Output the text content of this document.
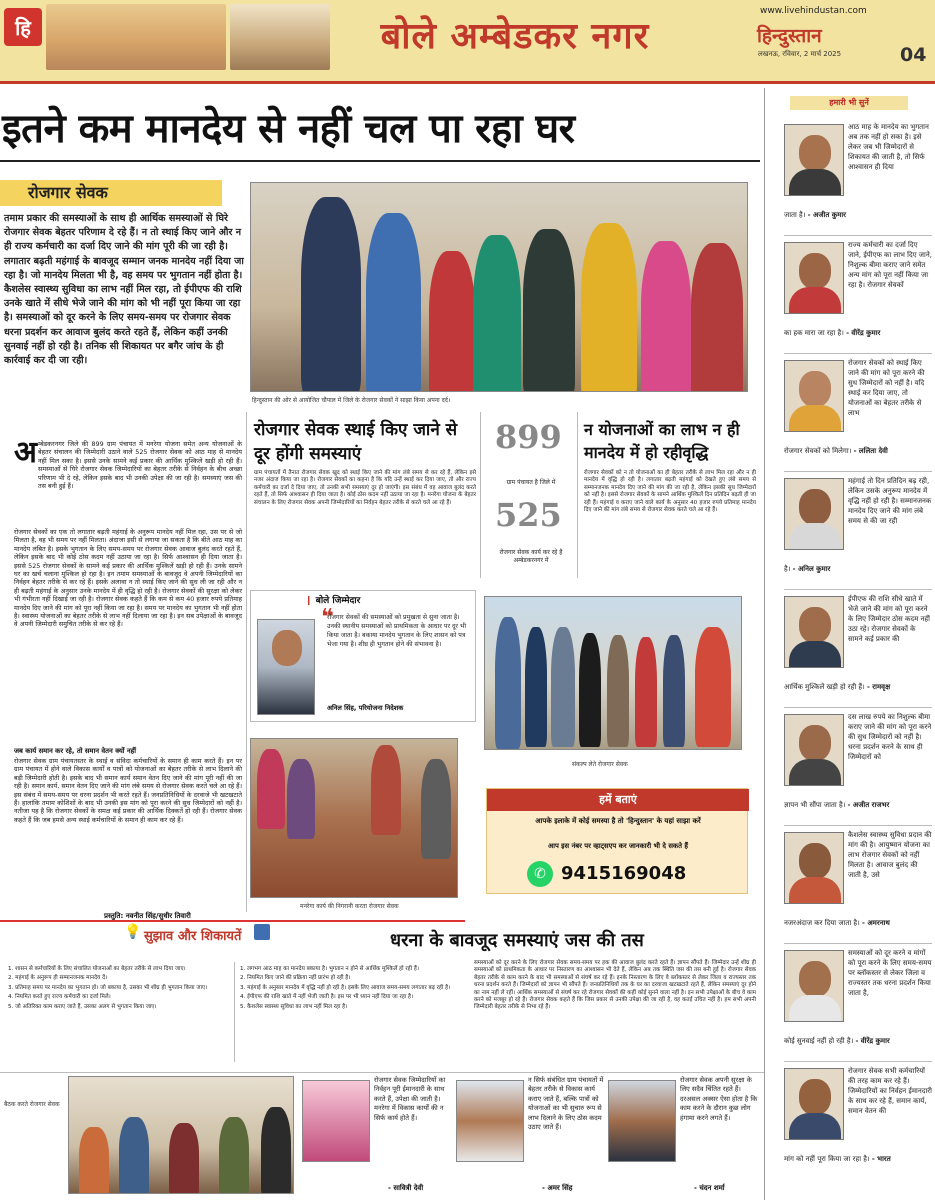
हि	बोले अम्बेडकर नगर
www.livehindustan.com
हिन्दुस्तान
लखनऊ, रविवार, 2 मार्च 2025	04
इतने कम मानदेय से नहीं चल पा रहा घर
रोजगार सेवक
तमाम प्रकार की समस्याओं के साथ ही आर्थिक समस्याओं से घिरे रोजगार सेवक बेहतर परिणाम दे रहे हैं। न तो स्थाई किए जाने और न ही राज्य कर्मचारी का दर्जा दिए जाने की मांग पूरी की जा रही है। लगातार बढ़ती महंगाई के बावजूद सम्मान जनक मानदेय नहीं दिया जा रहा है। जो मानदेय मिलता भी है, वह समय पर भुगतान नहीं होता है। कैशलेस स्वास्थ्य सुविधा का लाभ नहीं मिल रहा, तो ईपीएफ की राशि उनके खाते में सीधे भेजे जाने की मांग को भी नहीं पूरा किया जा रहा है। समस्याओं को दूर करने के लिए समय-समय पर रोजगार सेवक धरना प्रदर्शन कर आवाज बुलंद करते रहते हैं, लेकिन कहीं उनकी सुनवाई नहीं हो रही है। तनिक सी शिकायत पर बगैर जांच के ही कार्रवाई कर दी जा रही।
हिन्दुस्तान की ओर से आयोजित चौपाल में जिले के रोजगार सेवकों ने साझा किया अपना दर्द।
अ म्बेडकरनगर जिले की 899 ग्राम पंचायत में मनरेगा योजना समेत अन्य योजनाओं के बेहतर संचालन की जिम्मेदारी उठाने वाले 525 रोजगार सेवक को आठ माह से मानदेय नहीं मिल सका है। इससे उनके सामने कई प्रकार की आर्थिक मुश्किलें खड़ी हो रही हैं। समस्याओं से घिरे रोजगार सेवक जिम्मेदारियों का बेहतर तरीके से निर्वहन के बीच अच्छा परिणाम भी दे रहे, लेकिन इसके बाद भी उनकी उपेक्षा की जा रही है। समस्याएं जस की तस बनी हुई हैं।
रोजगार सेवकों का एक तो लगातार बढ़ती महंगाई के अनुरूप मानदेय नहीं मिल रहा, उस पर से जो मिलता है, वह भी समय पर नहीं मिलता। अंदाजा इसी से लगाया जा सकता है कि बीते आठ माह का मानदेय लंबित है। इसके भुगतान के लिए समय-समय पर रोजगार सेवक आवाज बुलंद करते रहते हैं, लेकिन इसके बाद भी कोई ठोस कदम नहीं उठाया जा रहा है। सिर्फ आश्वासन ही दिया जाता है। इससे 525 रोजगार सेवकों के सामने कई प्रकार की आर्थिक मुश्किलें खड़ी हो रही हैं। उनके सामने घर का खर्च चलाना मुश्किल हो रहा है। इन तमाम समस्याओं के बावजूद वे अपनी जिम्मेदारियों का निर्वहन बेहतर तरीके से कर रहे हैं। इसके अलावा न तो स्थाई किए जाने की सुध ली जा रही और न ही बढ़ती महंगाई के अनुसार उनके मानदेय में ही वृद्धि हो रही है। रोजगार सेवकों की सुरक्षा को लेकर भी गंभीरता नहीं दिखाई जा रही है। रोजगार सेवक कहते हैं कि कम से कम 40 हजार रुपये प्रतिमाह मानदेय दिए जाने की मांग को पूरा नहीं किया जा रहा है। समय पर मानदेय का भुगतान भी नहीं होता है। स्वास्थ्य योजनाओं का बेहतर तरीके से लाभ नहीं दिलाया जा रहा है। इन सब उपेक्षाओं के बावजूद वे अपनी जिम्मेदारी समुचित तरीके से कर रहे हैं।
जब कार्य समान कर रहे, तो समान वेतन क्यों नहीं
रोजगार सेवक ग्राम पंचायतस्तर के स्थाई व संविदा कर्मचारियों के समान ही काम करते हैं। इन पर ग्राम पंचायत में होने वाले विकास कार्यों व पात्रों को योजनाओं का बेहतर तरीके से लाभ दिलाने की बड़ी जिम्मेदारी होती है। इसके बाद भी समान कार्य समान वेतन दिए जाने की मांग पूरी नहीं की जा रही है। समान कार्य, समान वेतन दिए जाने की मांग लंबे समय से रोजगार सेवक करते चले आ रहे हैं। इस संबंध में समय-समय पर धरना प्रदर्शन भी करते रहते हैं। जनप्रतिनिधियों के दरवाजे भी खटखटाते हैं। हालांकि तमाम कोशिशों के बाद भी उनकी इस मांग को पूरा करने की सुध जिम्मेदारों को नहीं है। नतीजा यह है कि रोजगार सेवकों के समक्ष कई प्रकार की आर्थिक दिक्कतें हो रही हैं। रोजगार सेवक कहते हैं कि जब हमसे अन्य स्थाई कर्मचारियों के समान ही काम कर रहे हैं।
प्रस्तुति: नवनीत सिंह/सुधीर तिवारी
रोजगार सेवक स्थाई किए जाने से दूर होंगी समस्याएं
ग्राम पंचायतों में तैनात रोजगार सेवक खुद को स्थाई किए जाने की मांग लंबे समय से कर रहे हैं, लेकिन इसे नजर अंदाज किया जा रहा है। रोजगार सेवकों का कहना है कि यदि उन्हें स्थाई कर दिया जाए, तो और राज्य कर्मचारी का दर्जा दे दिया जाए, तो उनकी सभी समस्याएं दूर हो जाएंगी। इस संबंध में वह आवाज बुलंद करते रहते हैं, तो सिर्फ आश्वासन ही दिया जाता है। कोई ठोस कदम नहीं उठाया जा रहा है। मनरेगा योजना के बेहतर संचालन के लिए रोजगार सेवक अपनी जिम्मेदारियों का निर्वहन बेहतर तरीके से करते चले आ रहे हैं।
899
ग्राम पंचायत है जिले में
525
रोजगार सेवक कार्य कर रहे है अम्बेडकरनगर में
न योजनाओं का लाभ न ही मानदेय में हो रहीवृद्धि
रोजगार सेवकों को न तो योजनाओं का ही बेहतर तरीके से लाभ मिल रहा और न ही मानदेय में वृद्धि हो रही है। लगातार बढ़ती महंगाई को देखते हुए लंबे समय से सम्मानजनक मानदेय दिए जाने की मांग की जा रही है, लेकिन इसकी सुध जिम्मेदारों को नहीं है। इससे रोजगार सेवकों के सामने आर्थिक मुश्किलें दिन प्रतिदिन बढ़ती ही जा रही हैं। महंगाई व कराए जाने वाले कार्य के अनुसार 40 हजार रुपये प्रतिमाह मानदेय दिए जाने की मांग लंबे समय से रोजगार सेवक करते चले आ रहे हैं।
❙ बोले जिम्मेदार
❝
रोजगार सेवकों की समस्याओं को प्रमुखता से सुना जाता है। उनकी स्थानीय समस्याओं को प्राथमिकता के आधार पर दूर भी किया जाता है। बकाया मानदेय भुगतान के लिए शासन को पत्र भेजा गया है। शीघ्र ही भुगतान होने की संभावना है।
अनिल सिंह, परियोजना निदेशक
संकल्प लेते रोजगार सेवक
मनरेगा कार्य की निगरानी करता रोजगार सेवक
हमें बताएं
आपके इलाके में कोई समस्या है तो 'हिन्दुस्तान' के यहां साझा करें
आप इस नंबर पर व्हाट्सएप कर जानकारी भी दे सकते हैं
✆ 9415169048
💡 सुझाव और शिकायतें
1. शासन से कर्मचारियों के लिए संचालित योजनाओं का बेहतर तरीके से लाभ दिया जाए।
2. महंगाई के अनुरूप ही सम्मानजनक मानदेय दें।
3. प्रतिमाह समय पर मानदेय का भुगतान हो। जो बकाया है, उसका भी शीघ्र ही भुगतान किया जाए।
4. नियमित करते हुए राज्य कर्मचारी का दर्जा मिले।
5. जो अतिरिक्त काम कराए जाते हैं, उसका अलग से भुगतान किया जाए।
1. लगभग आठ माह का मानदेय बकाया है। भुगतान न होने से आर्थिक मुश्किलें हो रही हैं।
2. नियमित किए जाने की प्रक्रिया नहीं प्रारंभ हो रही है।
3. महंगाई के अनुसार मानदेय में वृद्धि नहीं हो रही है। इसके लिए आवाज समय-समय लगातार बढ़ रही है।
4. ईपीएफ की राशि खाते में नहीं भेजी जाती है। इस पर भी ध्यान नहीं दिया जा रहा है।
5. कैशलेस स्वास्थ्य सुविधा का लाभ नहीं मिल रहा है।
धरना के बावजूद समस्याएं जस की तस
समस्याओं को दूर करने के लिए रोजगार सेवक समय-समय पर हक की आवाज बुलंद करते रहते हैं। ज्ञापन सौंपते हैं। जिम्मेदार उन्हें शीघ्र ही समस्याओं को प्राथमिकता के आधार पर निस्तारण का आश्वासन भी देते हैं, लेकिन अब तक स्थिति जस की तस बनी हुई है। रोजगार सेवक बेहतर तरीके से काम करने के बाद भी समस्याओं से संघर्ष कर रहे हैं। इनके निस्तारण के लिए वे ब्लॉकस्तर से लेकर जिला व राज्यस्तर तक धरना प्रदर्शन करते हैं। जिम्मेदारों को ज्ञापन भी सौंपते हैं। जनप्रतिनिधियों तक के घर का दरवाजा खटखटाते रहते हैं, लेकिन समस्याएं दूर होने का नाम नहीं ले रहीं। आर्थिक समस्याओं से संघर्ष कर रहे रोजगार सेवकों की कहीं कोई सुनने वाला नहीं है। इन सभी उपेक्षाओं के बीच वे काम करने को मजबूर हो रहे हैं। रोजगार सेवक कहते हैं कि जिस प्रकार से उनकी उपेक्षा की जा रही है, वह कतई उचित नहीं है। हम सभी अपनी जिम्मेदारी बेहतर तरीके से निभा रहे हैं।
बैठक करते रोजगार सेवक
रोजगार सेवक जिम्मेदारियों का निर्वहन पूरी ईमानदारी के साथ करते हैं, उपेक्षा की जाती है। मनरेगा में विकास कार्यों की न सिर्फ कार्य होते हैं।
- सावित्री देवी
न सिर्फ संबंधित ग्राम पंचायतों में बेहतर तरीके से विकास कार्य कराए जाते हैं, बल्कि पात्रों को योजनाओं का भी सुचारु रूप से लाभ दिलाने के लिए ठोस कदम उठाए जाते हैं।
- अमर सिंह
रोजगार सेवक अपनी सुरक्षा के लिए सदैव चिंतित रहते हैं। दरअसल अक्सर ऐसा होता है कि काम करने के दौरान कुछ लोग हंगामा करने लगते हैं।
- चंदन शर्मा
हमारी भी सुनें
आठ माह के मानदेय का भुगतान अब तक नहीं हो सका है। इसे लेकर जब भी जिम्मेदारों से शिकायत की जाती है, तो सिर्फ आश्वासन ही दिया
जाता है। - अजीत कुमार
राज्य कर्मचारी का दर्जा दिए जाने, ईपीएफ का लाभ दिए जाने, निशुल्क बीमा कराए जाने समेत अन्य मांग को पूरा नहीं किया जा रहा है। रोजगार सेवकों
का हक मारा जा रहा है। - वीरेंद्र कुमार
रोजगार सेवकों को स्थाई किए जाने की मांग को पूरा करने की सुध जिम्मेदारों को नहीं है। यदि स्थाई कर दिया जाए, तो योजनाओं का बेहतर तरीके से लाभ
रोजगार सेवकों को मिलेगा। - ललिता देवी
महंगाई तो दिन प्रतिदिन बढ़ रही, लेकिन उसके अनुरूप मानदेय में वृद्धि नहीं हो रही है। सम्मानजनक मानदेय दिए जाने की मांग लंबे समय से की जा रही
है। - अनिल कुमार
ईपीएफ की राशि सीधे खाते में भेजे जाने की मांग को पूरा करने के लिए जिम्मेदार ठोस कदम नहीं उठा रहे। रोजगार सेवकों के सामने कई प्रकार की
आर्थिक मुश्किलें खड़ी हो रही हैं। - रामवृक्ष
दस लाख रुपये का निशुल्क बीमा कराए जाने की मांग को पूरा करने की सुध जिम्मेदारों को नहीं है। धरना प्रदर्शन करने के साथ ही जिम्मेदारों को
ज्ञापन भी सौंपा जाता है। - अजीत राजभर
कैशलेस स्वास्थ्य सुविधा प्रदान की मांग की है। आयुष्मान योजना का लाभ रोजगार सेवकों को नहीं मिलता है। आवाज बुलंद की जाती है, उसे
नजरअंदाज कर दिया जाता है। - अमरनाथ
समस्याओं को दूर करने व मांगों को पूरा करने के लिए समय-समय पर ब्लॉकस्तर से लेकर जिला व राज्यस्तर तक धरना प्रदर्शन किया जाता है,
कोई सुनवाई नहीं हो रही है। - वीरेंद्र कुमार
रोजगार सेवक सभी कर्मचारियों की तरह काम कर रहे हैं। जिम्मेदारियों का निर्वहन ईमानदारी के साथ कर रहे हैं, समान कार्य, समान वेतन की
मांग को नहीं पूरा किया जा रहा है। - भारत
